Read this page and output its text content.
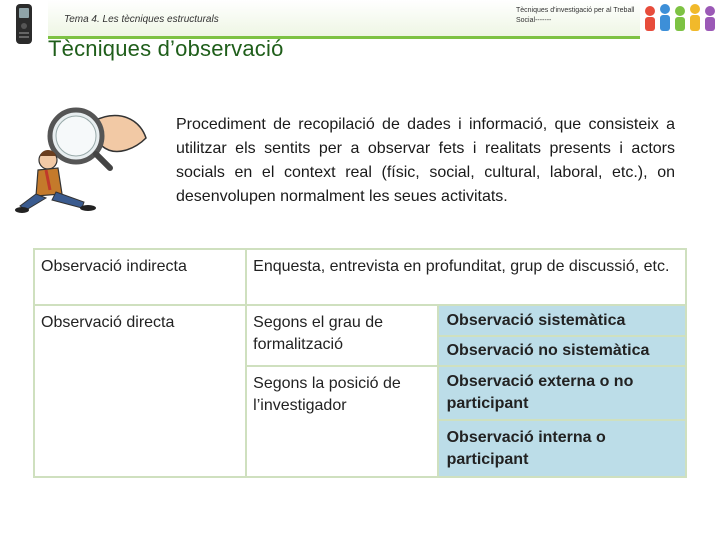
Tema 4. Les tècniques estructurals
Tècniques d'investigació per al Treball Social-------
Tècniques d’observació
Procediment de recopilació de dades i informació, que consisteix a utilitzar els sentits per a observar fets i realitats presents i actors socials en el context real (físic, social, cultural, laboral, etc.), on desenvolupen normalment les seues activitats.
Observació indirecta	Enquesta, entrevista en profunditat, grup de discussió, etc.	
Observació directa	Segons el grau de formalització	Observació sistemàtica
		Observació no sistemàtica
	Segons la posició de l’investigador	Observació externa o no participant
		Observació interna o participant
